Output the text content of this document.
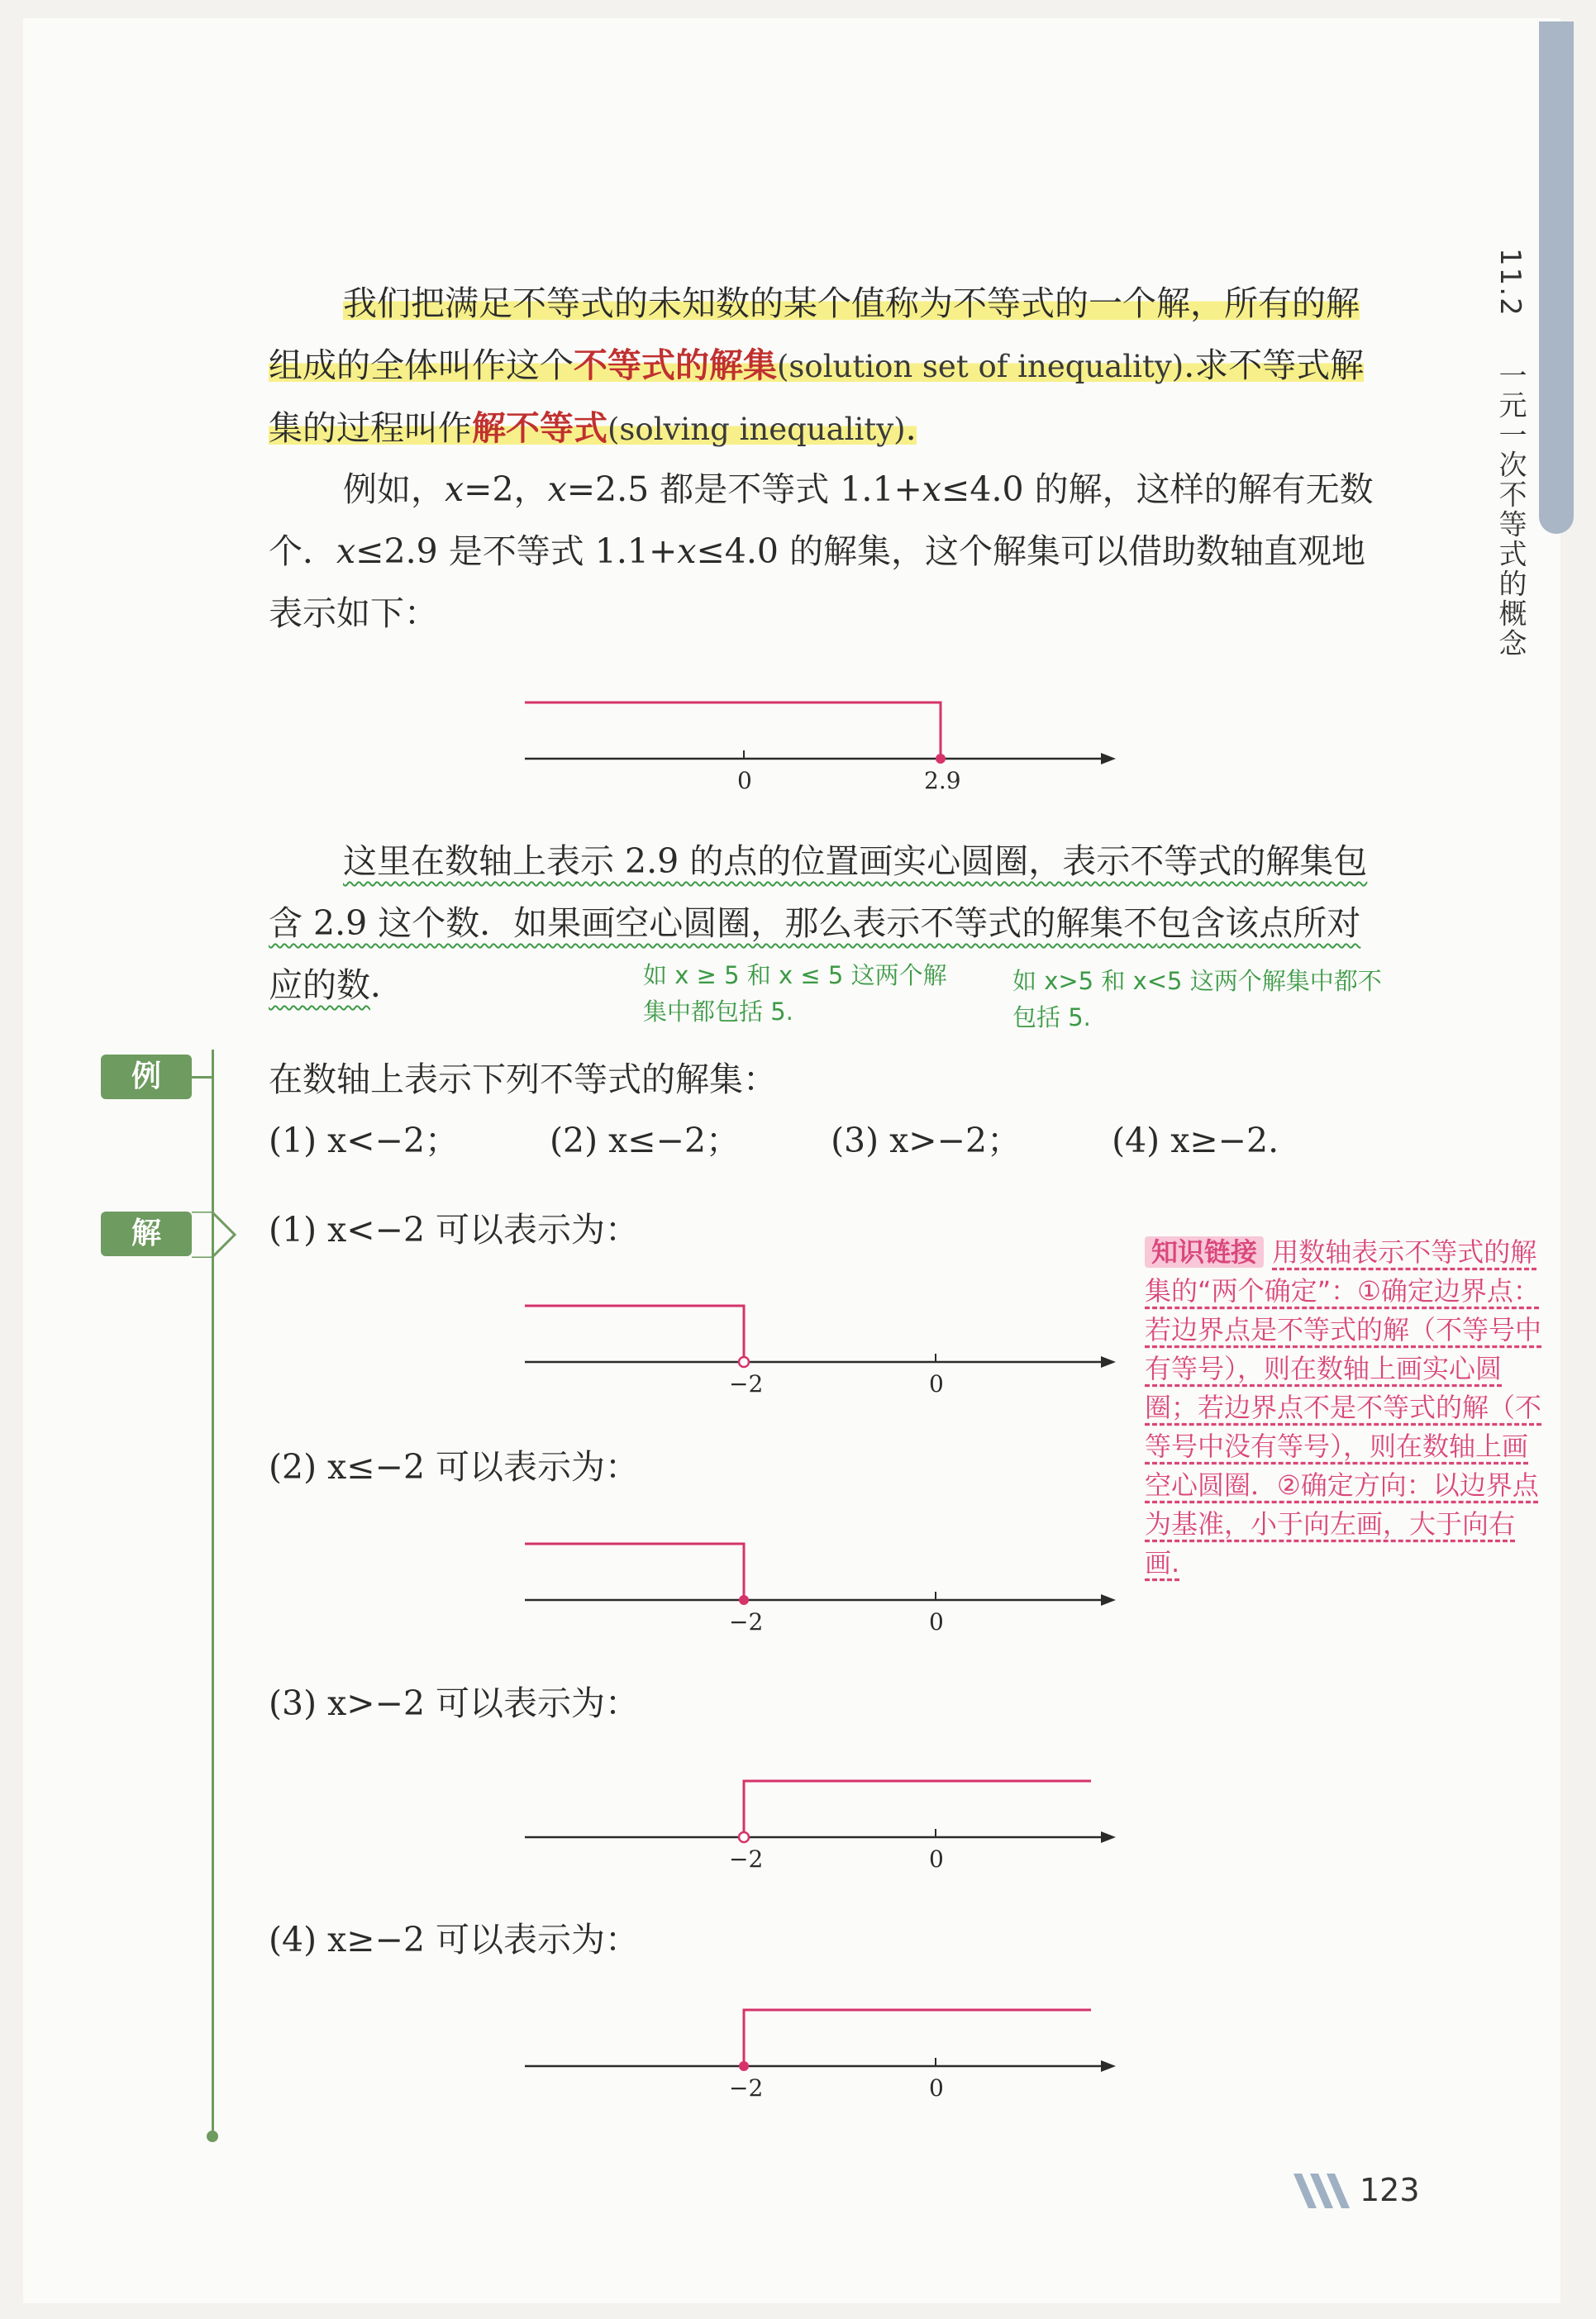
11.2 一元一次不等式的概念

我们把满足不等式的未知数的某个值称为不等式的一个解，所有的解组成的全体叫作这个不等式的解集(solution set of inequality).求不等式解集的过程叫作解不等式(solving inequality).

例如，x=2，x=2.5 都是不等式 1.1+x≤4.0 的解，这样的解有无数个．x≤2.9 是不等式 1.1+x≤4.0 的解集，这个解集可以借助数轴直观地表示如下：

0	2.9

这里在数轴上表示 2.9 的点的位置画实心圆圈，表示不等式的解集包含 2.9 这个数．如果画空心圆圈，那么表示不等式的解集不包含该点所对应的数．	如 x ≥ 5 和 x ≤ 5 这两个解集中都包括 5.
如 x>5 和 x<5 这两个解集中都不包括 5.
例
解

在数轴上表示下列不等式的解集：

(1) x<−2；	(2) x≤−2；	(3) x>−2；	(4) x≥−2.

(1) x<−2 可以表示为：

−2	0

(2) x≤−2 可以表示为：

−2	0

(3) x>−2 可以表示为：

−2	0

(4) x≥−2 可以表示为：

−2	0
知识链接 用数轴表示不等式的解集的“两个确定”：①确定边界点：若边界点是不等式的解（不等号中有等号），则在数轴上画实心圆圈；若边界点不是不等式的解（不等号中没有等号），则在数轴上画空心圆圈．②确定方向：以边界点为基准，小于向左画，大于向右画.
123
